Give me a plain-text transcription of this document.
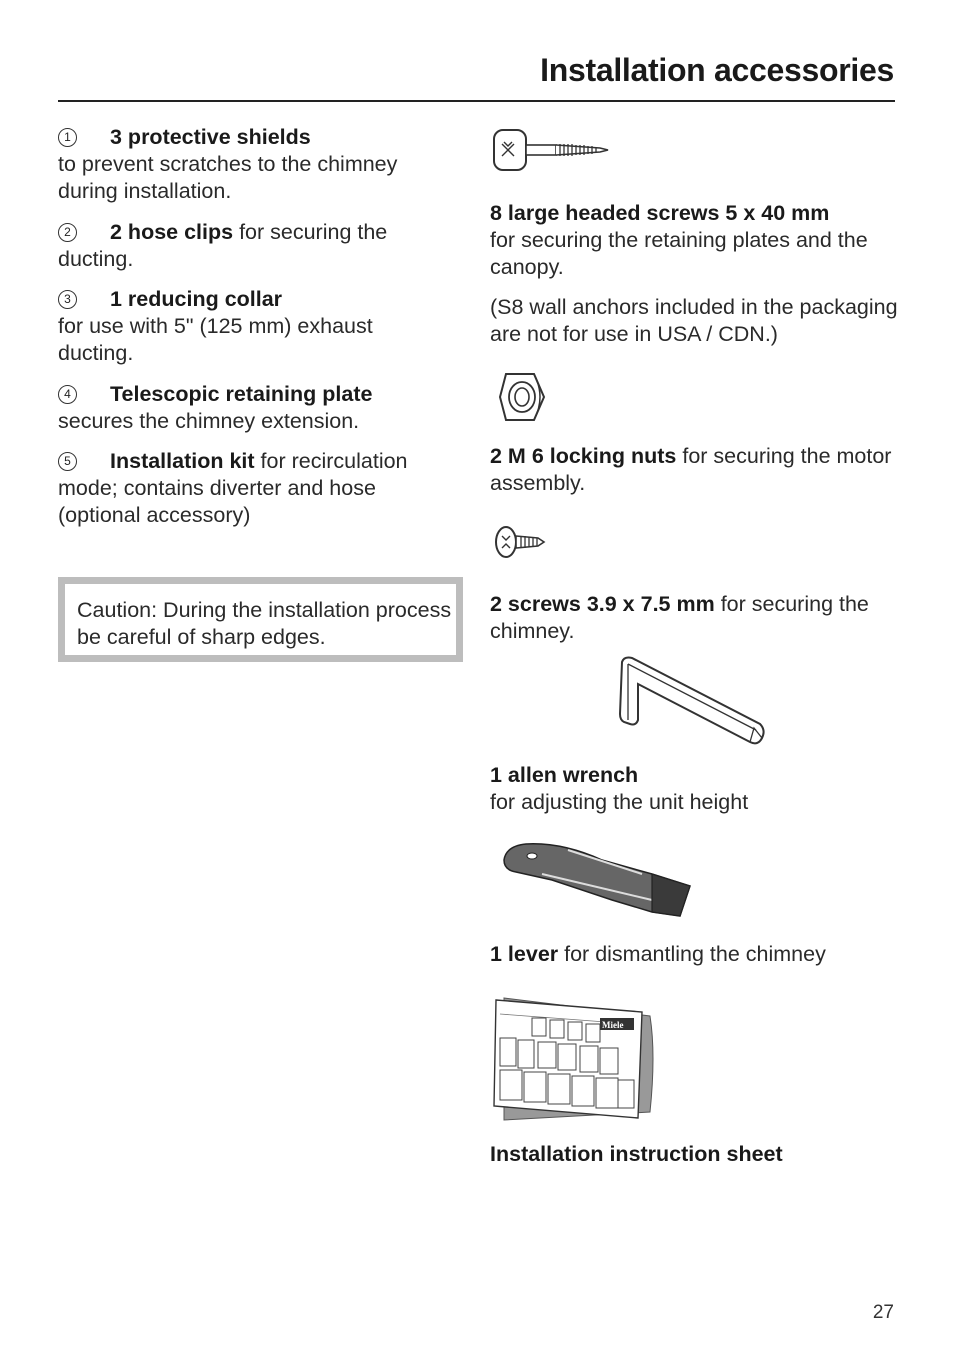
Installation accessories
1 3 protective shields
to prevent scratches to the chimney during installation.
2	2 hose clips for securing the ducting.
3 1 reducing collar
for use with 5" (125 mm) exhaust ducting.
4 Telescopic retaining plate
secures the chimney extension.
5	Installation kit for recirculation mode; contains diverter and hose (optional accessory)
Caution: During the installation process be careful of sharp edges.
8 large headed screws 5 x 40 mm
for securing the retaining plates and the canopy.
(S8 wall anchors included in the packaging are not for use in USA / CDN.)
2 M 6 locking nuts for securing the motor assembly.
2 screws 3.9 x 7.5 mm for securing the chimney.
1 allen wrench
for adjusting the unit height
1 lever for dismantling the chimney
Miele
Installation instruction sheet
27
